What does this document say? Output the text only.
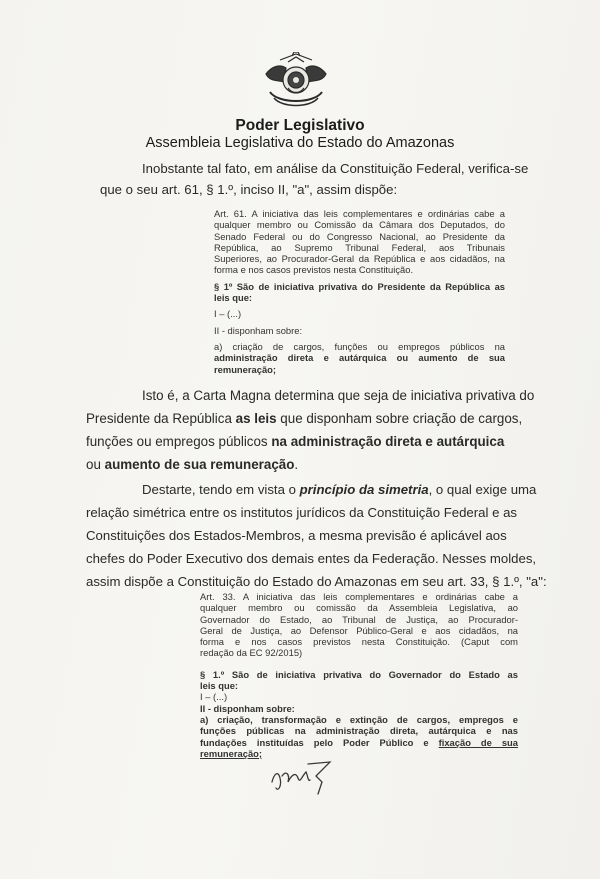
Poder Legislativo
Assembleia Legislativa do Estado do Amazonas
Inobstante tal fato, em análise da Constituição Federal, verifica-se
que o seu art. 61, § 1.º, inciso II, "a", assim dispõe:
Art. 61. A iniciativa das leis complementares e ordinárias cabe a
qualquer membro ou Comissão da Câmara dos Deputados, do
Senado Federal ou do Congresso Nacional, ao Presidente da
República, ao Supremo Tribunal Federal, aos Tribunais
Superiores, ao Procurador-Geral da República e aos cidadãos, na
forma e nos casos previstos nesta Constituição.
§ 1º São de iniciativa privativa do Presidente da República as
leis que:
I – (...)
II - disponham sobre:
a) criação de cargos, funções ou empregos públicos na
administração direta e autárquica ou aumento de sua
remuneração;
Isto é, a Carta Magna determina que seja de iniciativa privativa do
Presidente da República as leis que disponham sobre criação de cargos,
funções ou empregos públicos na administração direta e autárquica
ou aumento de sua remuneração.
Destarte, tendo em vista o princípio da simetria, o qual exige uma
relação simétrica entre os institutos jurídicos da Constituição Federal e as
Constituições dos Estados-Membros, a mesma previsão é aplicável aos
chefes do Poder Executivo dos demais entes da Federação. Nesses moldes,
assim dispõe a Constituição do Estado do Amazonas em seu art. 33, § 1.º, "a":
Art. 33. A iniciativa das leis complementares e ordinárias cabe a
qualquer membro ou comissão da Assembleia Legislativa, ao
Governador do Estado, ao Tribunal de Justiça, ao Procurador-
Geral de Justiça, ao Defensor Público-Geral e aos cidadãos, na
forma e nos casos previstos nesta Constituição. (Caput com
redação da EC 92/2015)
§ 1.º São de iniciativa privativa do Governador do Estado as
leis que:
I – (...)
II - disponham sobre:
a) criação, transformação e extinção de cargos, empregos e
funções públicas na administração direta, autárquica e nas
fundações instituídas pelo Poder Público e fixação de sua
remuneração;
